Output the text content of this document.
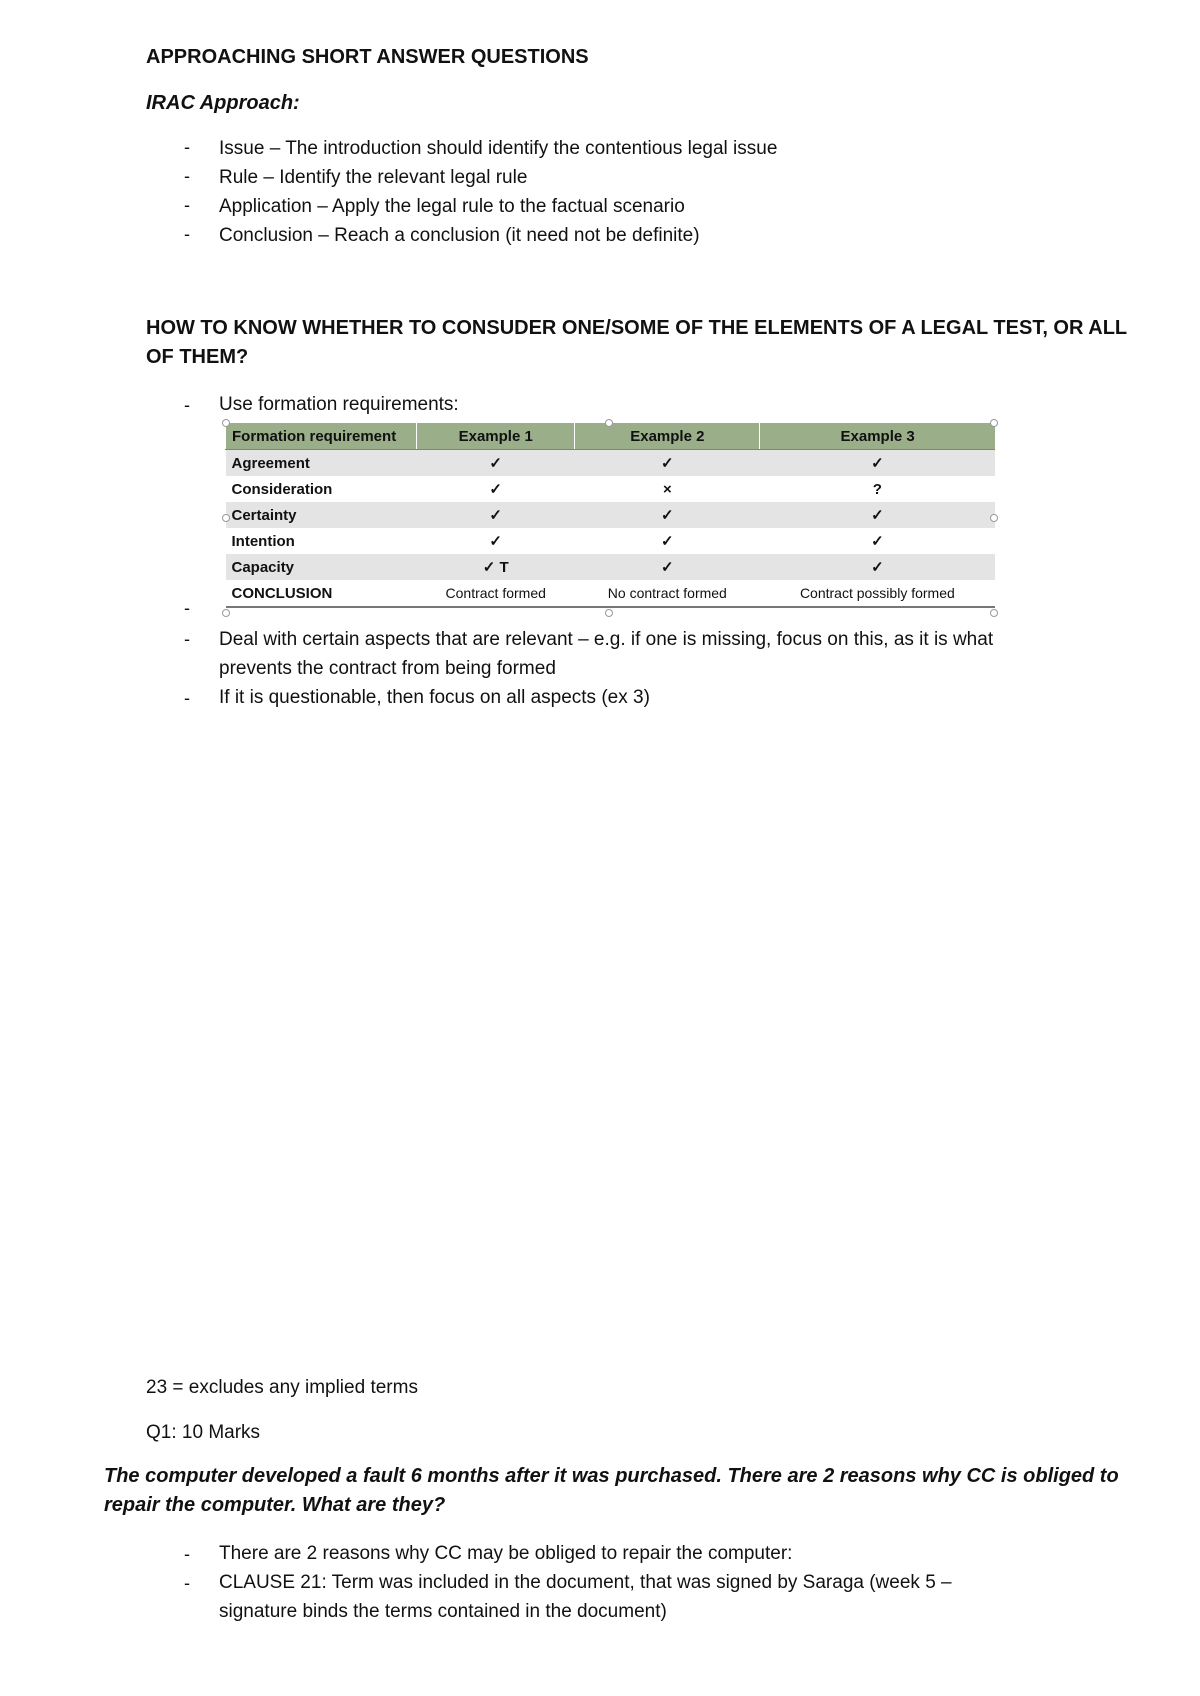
APPROACHING SHORT ANSWER QUESTIONS
IRAC Approach:
- Issue – The introduction should identify the contentious legal issue
- Rule – Identify the relevant legal rule
- Application – Apply the legal rule to the factual scenario
- Conclusion – Reach a conclusion (it need not be definite)
HOW TO KNOW WHETHER TO CONSUDER ONE/SOME OF THE ELEMENTS OF A LEGAL TEST, OR ALL
OF THEM?
- Use formation requirements:
Formation requirement	Example 1	Example 2	Example 3
Agreement	✓	✓	✓
Consideration	✓	×	?
Certainty	✓	✓	✓
Intention	✓	✓	✓
Capacity	✓ T	✓	✓
CONCLUSION	Contract formed	No contract formed	Contract possibly formed
-
- Deal with certain aspects that are relevant – e.g. if one is missing, focus on this, as it is what
prevents the contract from being formed
- If it is questionable, then focus on all aspects (ex 3)
23 = excludes any implied terms
Q1: 10 Marks
The computer developed a fault 6 months after it was purchased. There are 2 reasons why CC is obliged to
repair the computer. What are they?
- There are 2 reasons why CC may be obliged to repair the computer:
- CLAUSE 21: Term was included in the document, that was signed by Saraga (week 5 –
signature binds the terms contained in the document)
